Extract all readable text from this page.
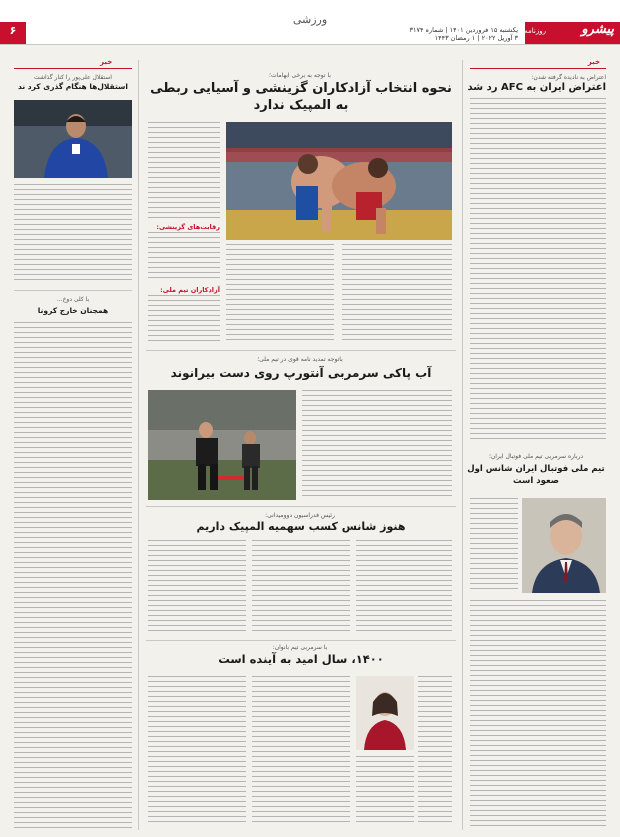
۶
ورزشی
یکشنبه ۱۵ فروردین ۱۴۰۱ | شماره ۳۱۷۴
۳ آوریل ۲۰۲۲ | ۱ رمضان ۱۴۴۳
روزنامه	پیشرو
خبر
خبر
اعتراض به ناديده گرفته شدن:
اعتراض ایران به AFC رد شد
درباره سرمربی تیم ملی فوتبال ایران؛
تیم ملی فوتبال ایران شانس اول صعود است
با توجه به برخی ابهامات؛
نحوه انتخاب آزادکاران گزینشی و آسیایی ربطی به المپیک ندارد
رقابت‌های گزینشی:
آزادکاران تیم ملی:
باتوجه تمدید نامه قوی در تیم ملی؛
آب پاکی سرمربی آنتورپ روی دست بیرانوند
رئیس فدراسیون دوومیدانی:
هنوز شانس کسب سهمیه المپیک داریم
با سرمربی تیم بانوان:
۱۴۰۰، سال امید به آینده است
استقلال علی‌پور را کنار گذاشت
استقلال‌ها هنگام گذری کرد ند
با کلی دوخ...
همجنان خارج کرونا
